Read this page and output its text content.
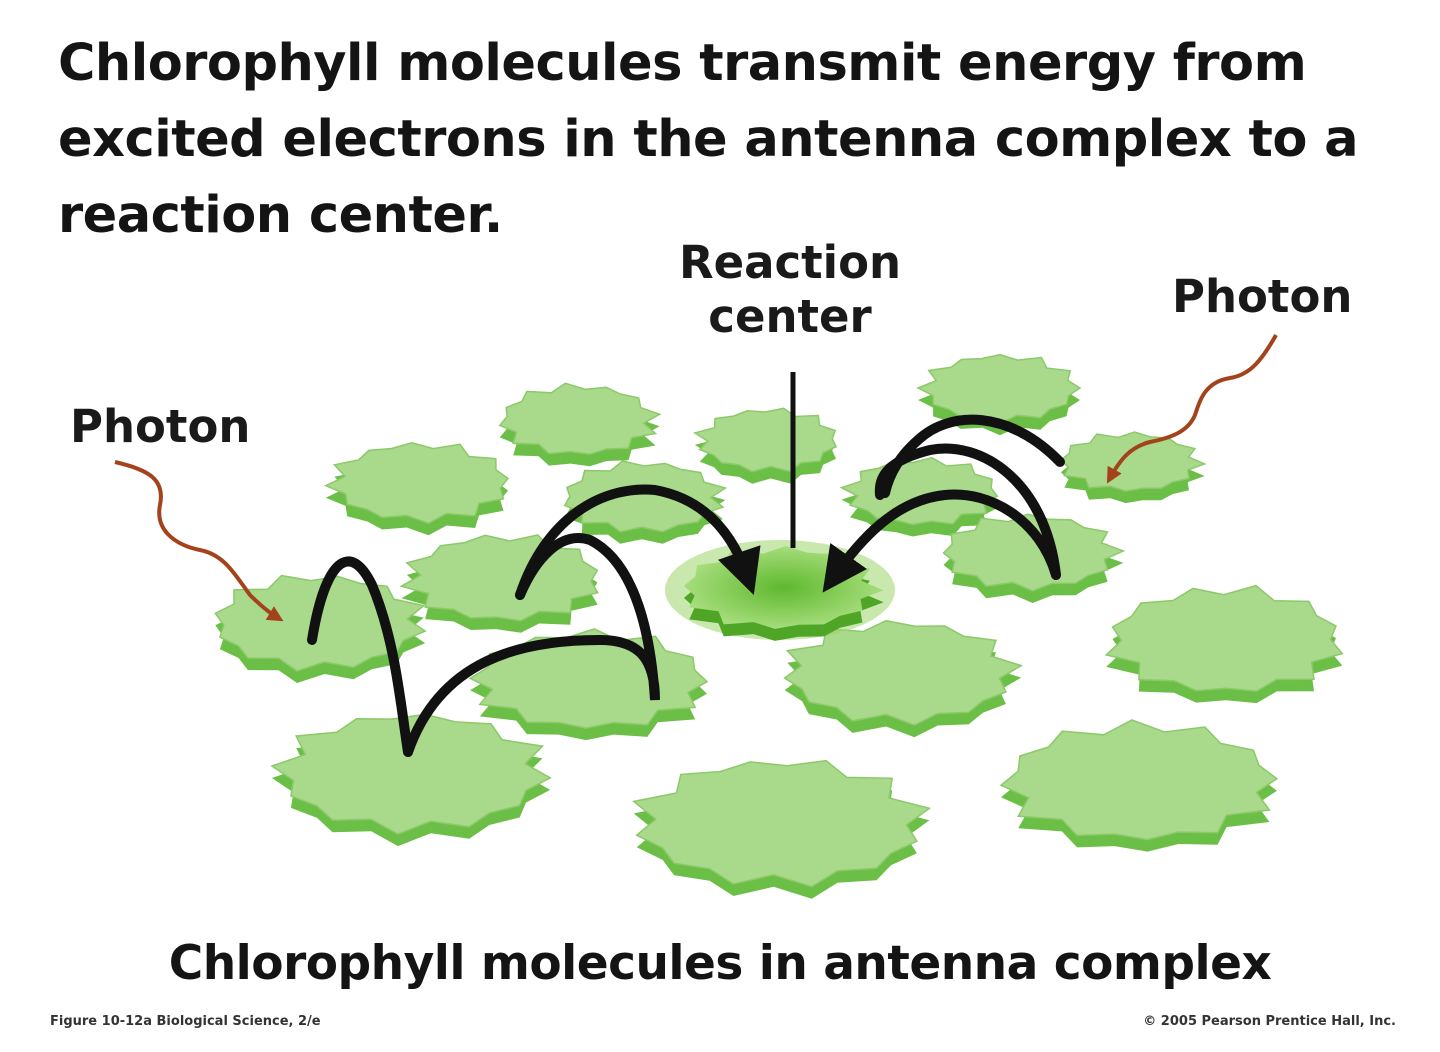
Chlorophyll molecules transmit energy from excited electrons in the antenna complex to a reaction center.
Reaction center
Photon
Photon
Chlorophyll molecules in antenna complex
Figure 10-12a Biological Science, 2/e	© 2005 Pearson Prentice Hall, Inc.
